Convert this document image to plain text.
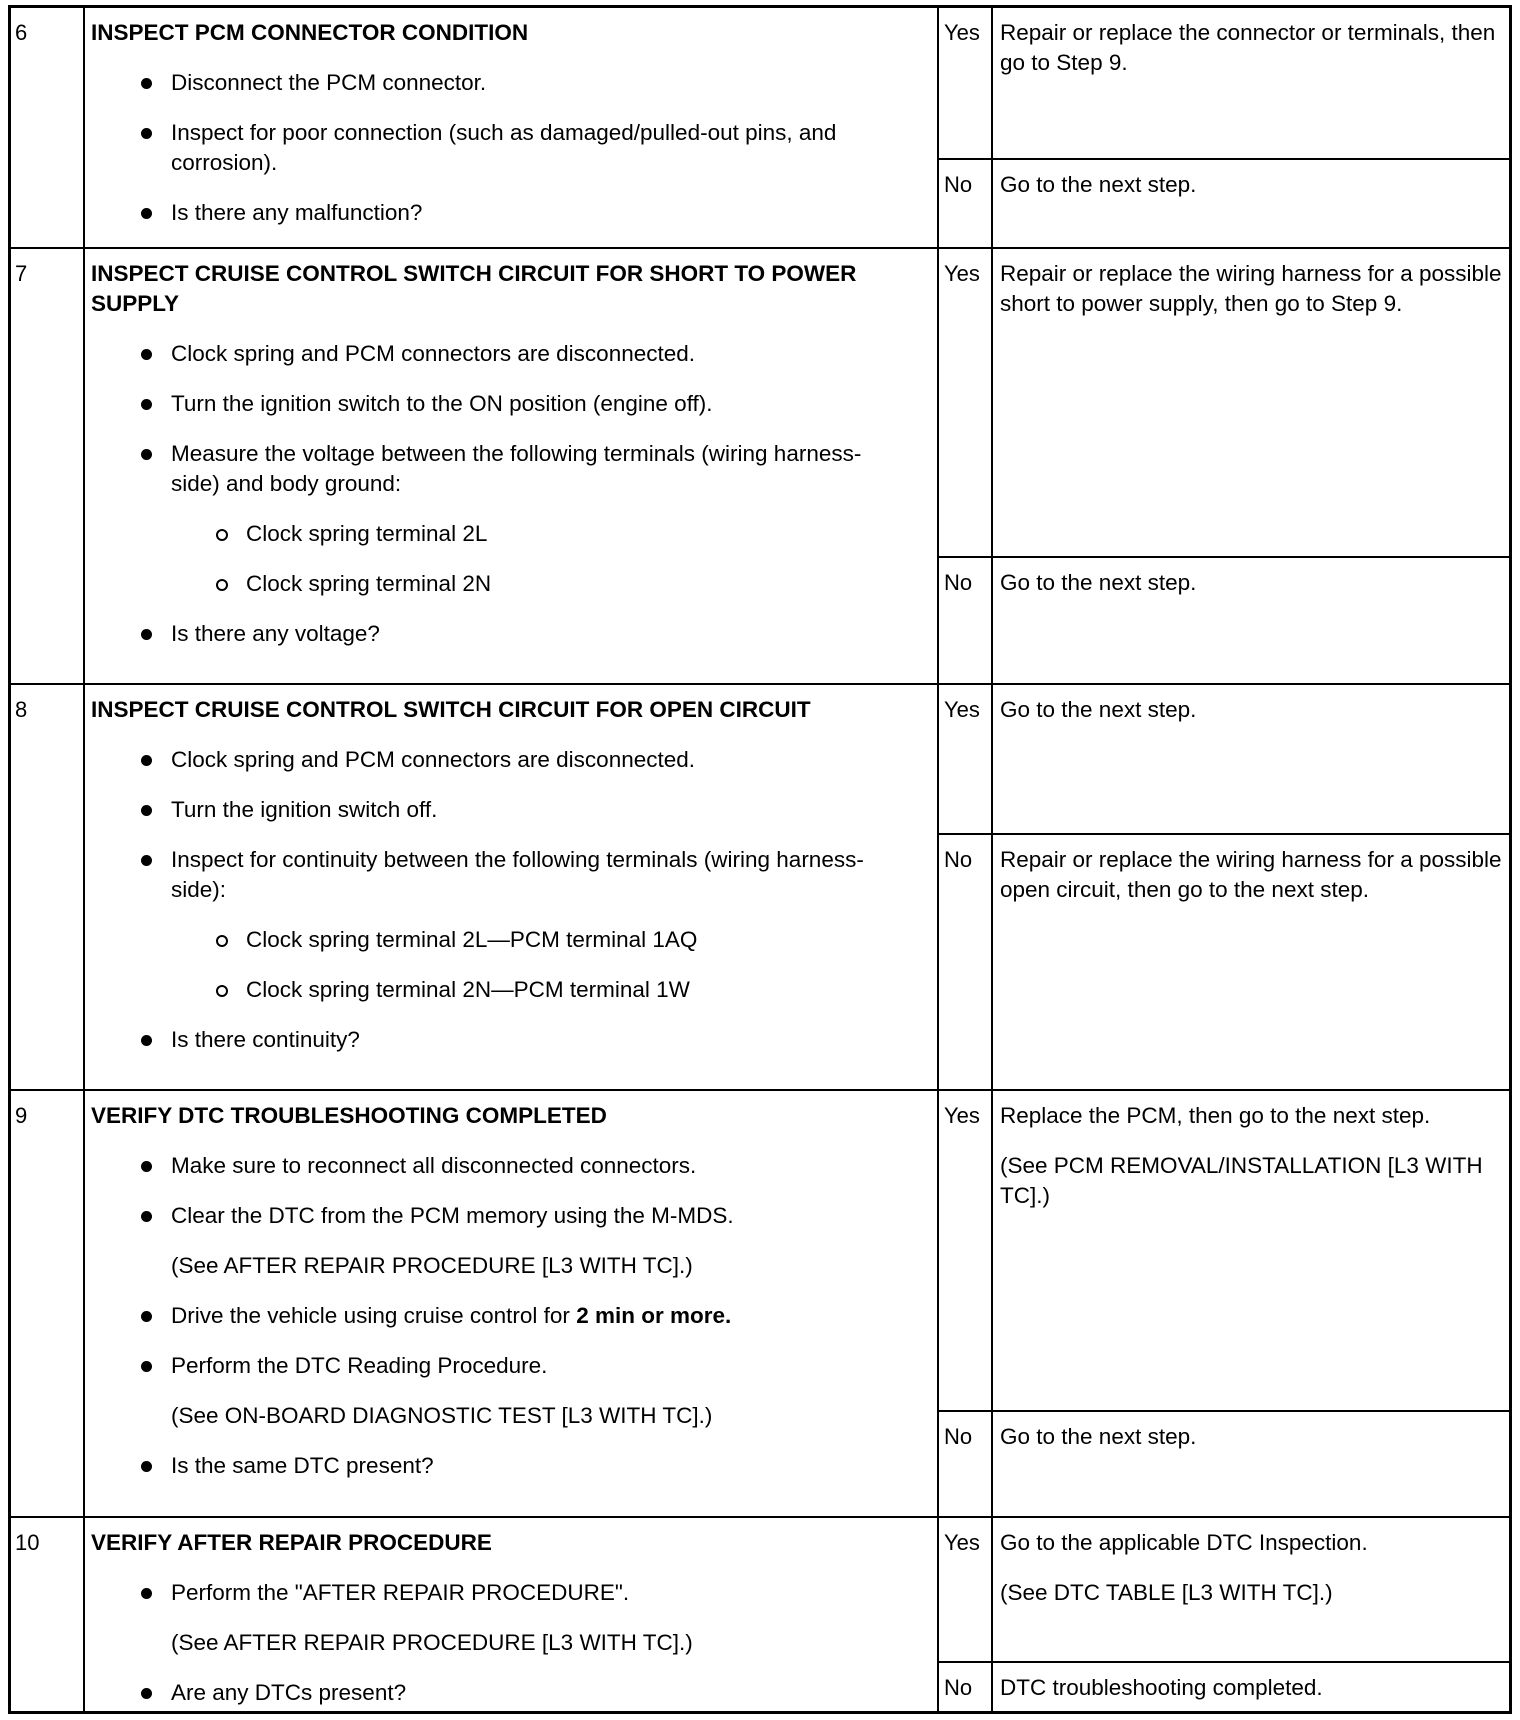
6	INSPECT PCM CONNECTOR CONDITION
Disconnect the PCM connector.
Inspect for poor connection (such as damaged/pulled-out pins, and corrosion).
Is there any malfunction?
Yes Repair or replace the connector or terminals, then go to Step 9.

No	Go to the next step.

7	INSPECT CRUISE CONTROL SWITCH CIRCUIT FOR SHORT TO POWER SUPPLY
Clock spring and PCM connectors are disconnected.
Turn the ignition switch to the ON position (engine off).
Measure the voltage between the following terminals (wiring harness-side) and body ground:
Clock spring terminal 2L
Clock spring terminal 2N
Is there any voltage?
Yes Repair or replace the wiring harness for a possible short to power supply, then go to Step 9.

No	Go to the next step.

8	INSPECT CRUISE CONTROL SWITCH CIRCUIT FOR OPEN CIRCUIT
Clock spring and PCM connectors are disconnected.
Turn the ignition switch off.
Inspect for continuity between the following terminals (wiring harness-side):
Clock spring terminal 2L—PCM terminal 1AQ
Clock spring terminal 2N—PCM terminal 1W
Is there continuity?
Yes Go to the next step.

No	Repair or replace the wiring harness for a possible open circuit, then go to the next step.

9	VERIFY DTC TROUBLESHOOTING COMPLETED
Make sure to reconnect all disconnected connectors.
Clear the DTC from the PCM memory using the M-MDS.
(See AFTER REPAIR PROCEDURE [L3 WITH TC].)
Drive the vehicle using cruise control for 2 min or more.
Perform the DTC Reading Procedure.
(See ON-BOARD DIAGNOSTIC TEST [L3 WITH TC].)
Is the same DTC present?
Yes Replace the PCM, then go to the next step.

(See PCM REMOVAL/INSTALLATION [L3 WITH TC].)

No	Go to the next step.

10	VERIFY AFTER REPAIR PROCEDURE
Perform the "AFTER REPAIR PROCEDURE".
(See AFTER REPAIR PROCEDURE [L3 WITH TC].)
Are any DTCs present?
Yes Go to the applicable DTC Inspection.

(See DTC TABLE [L3 WITH TC].)

No	DTC troubleshooting completed.
